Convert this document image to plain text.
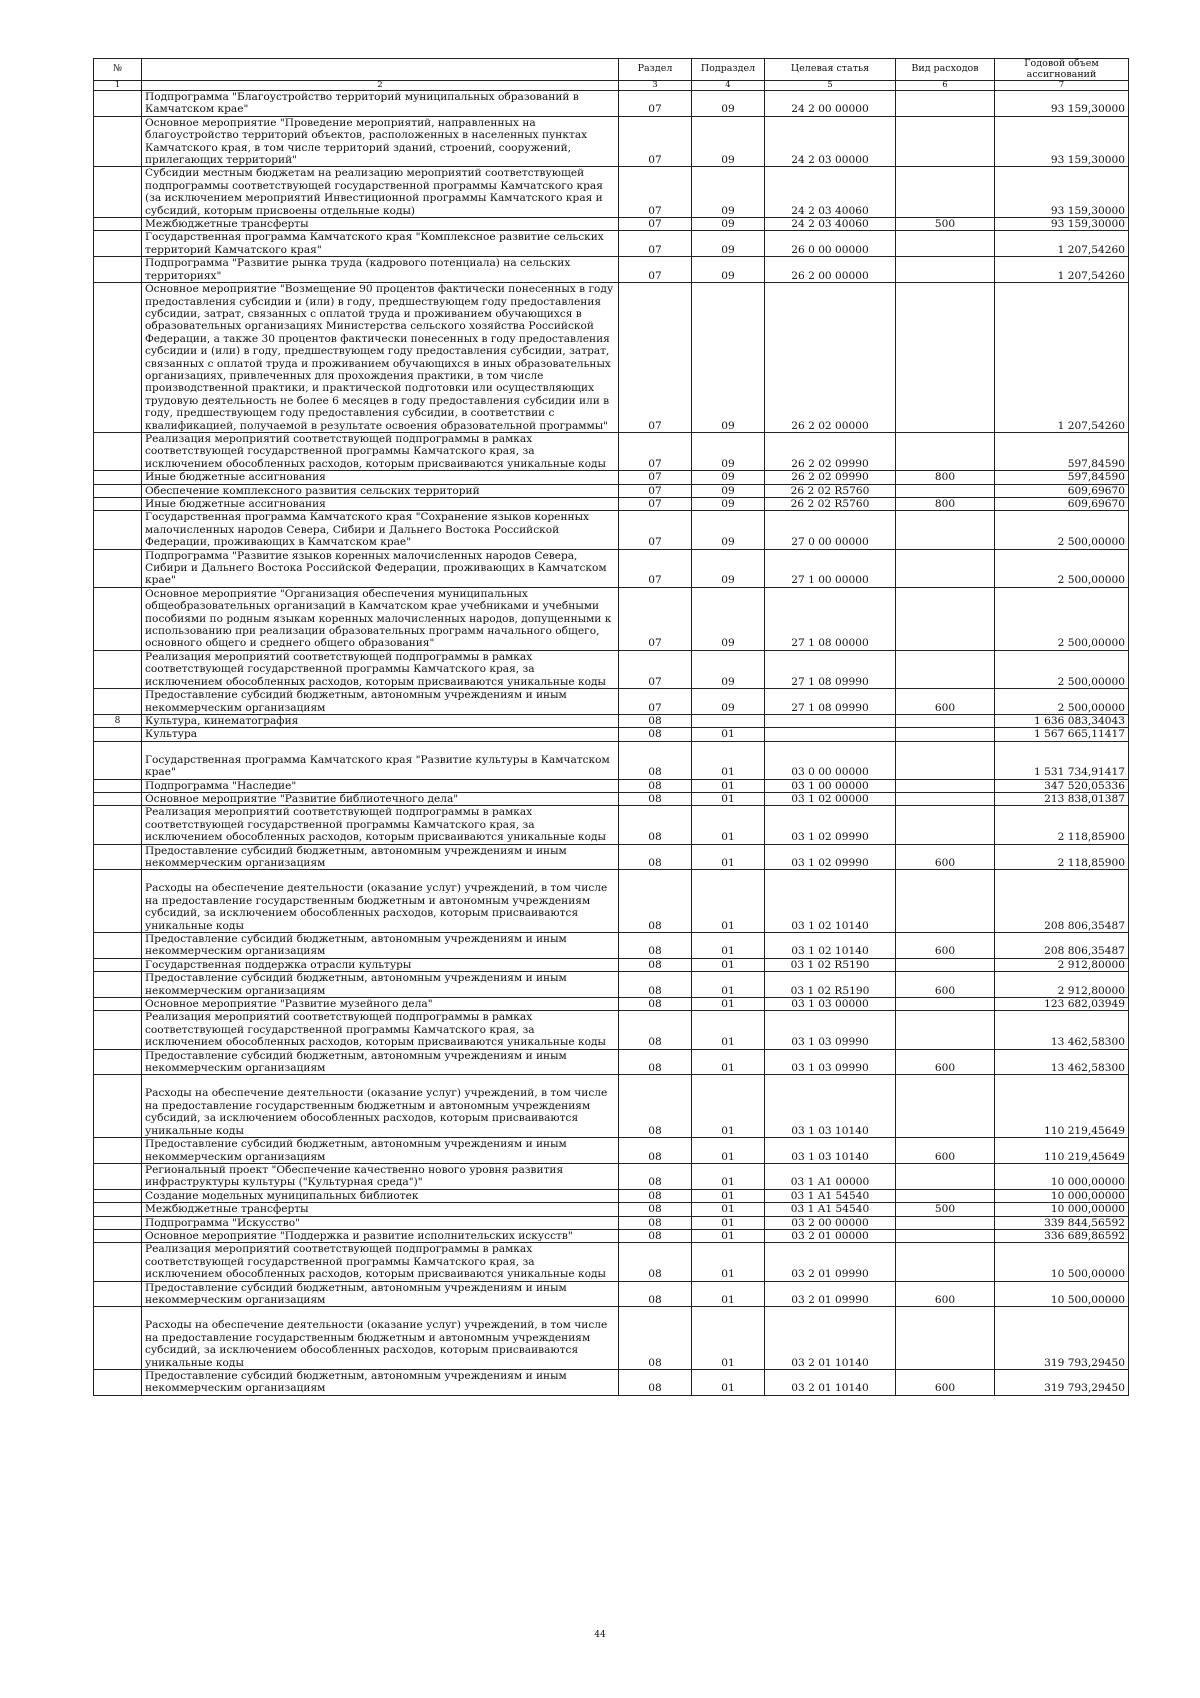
№		Раздел	Подраздел	Целевая статья	Вид расходов	Годовой объем ассигнований
1	2	3	4	5	6	7
	Подпрограмма "Благоустройство территорий муниципальных образований в Камчатском крае"	07	09	24 2 00 00000		93 159,30000
	Основное мероприятие "Проведение мероприятий, направленных на благоустройство территорий объектов, расположенных в населенных пунктах Камчатского края, в том числе территорий зданий, строений, сооружений, прилегающих территорий"	07	09	24 2 03 00000		93 159,30000
	Субсидии местным бюджетам на реализацию мероприятий соответствующей подпрограммы соответствующей государственной программы Камчатского края (за исключением мероприятий Инвестиционной программы Камчатского края и субсидий, которым присвоены отдельные коды)	07	09	24 2 03 40060		93 159,30000
	Межбюджетные трансферты	07	09	24 2 03 40060	500	93 159,30000
	Государственная программа Камчатского края "Комплексное развитие сельских территорий Камчатского края"	07	09	26 0 00 00000		1 207,54260
	Подпрограмма "Развитие рынка труда (кадрового потенциала) на сельских территориях"	07	09	26 2 00 00000		1 207,54260
	Основное мероприятие "Возмещение 90 процентов фактически понесенных в году предоставления субсидии и (или) в году, предшествующем году предоставления субсидии, затрат, связанных с оплатой труда и проживанием обучающихся в образовательных организациях Министерства сельского хозяйства Российской Федерации, а также 30 процентов фактически понесенных в году предоставления субсидии и (или) в году, предшествующем году предоставления субсидии, затрат, связанных с оплатой труда и проживанием обучающихся в иных образовательных организациях, привлеченных для прохождения практики, в том числе производственной практики, и практической подготовки или осуществляющих трудовую деятельность не более 6 месяцев в году предоставления субсидии или в году, предшествующем году предоставления субсидии, в соответствии с квалификацией, получаемой в результате освоения образовательной программы"	07	09	26 2 02 00000		1 207,54260
	Реализация мероприятий соответствующей подпрограммы в рамках соответствующей государственной программы Камчатского края, за исключением обособленных расходов, которым присваиваются уникальные коды	07	09	26 2 02 09990		597,84590
	Иные бюджетные ассигнования	07	09	26 2 02 09990	800	597,84590
	Обеспечение комплексного развития сельских территорий	07	09	26 2 02 R5760		609,69670
	Иные бюджетные ассигнования	07	09	26 2 02 R5760	800	609,69670
	Государственная программа Камчатского края "Сохранение языков коренных малочисленных народов Севера, Сибири и Дальнего Востока Российской Федерации, проживающих в Камчатском крае"	07	09	27 0 00 00000		2 500,00000
	Подпрограмма "Развитие языков коренных малочисленных народов Севера, Сибири и Дальнего Востока Российской Федерации, проживающих в Камчатском крае"	07	09	27 1 00 00000		2 500,00000
	Основное мероприятие "Организация обеспечения муниципальных общеобразовательных организаций в Камчатском крае учебниками и учебными пособиями по родным языкам коренных малочисленных народов, допущенными к использованию при реализации образовательных программ начального общего, основного общего и среднего общего образования"	07	09	27 1 08 00000		2 500,00000
	Реализация мероприятий соответствующей подпрограммы в рамках соответствующей государственной программы Камчатского края, за исключением обособленных расходов, которым присваиваются уникальные коды	07	09	27 1 08 09990		2 500,00000
	Предоставление субсидий бюджетным, автономным учреждениям и иным некоммерческим организациям	07	09	27 1 08 09990	600	2 500,00000
8	Культура, кинематография	08				1 636 083,34043
	Культура	08	01			1 567 665,11417
	Государственная программа Камчатского края "Развитие культуры в Камчатском крае"	08	01	03 0 00 00000		1 531 734,91417
	Подпрограмма "Наследие"	08	01	03 1 00 00000		347 520,05336
	Основное мероприятие "Развитие библиотечного дела"	08	01	03 1 02 00000		213 838,01387
	Реализация мероприятий соответствующей подпрограммы в рамках соответствующей государственной программы Камчатского края, за исключением обособленных расходов, которым присваиваются уникальные коды	08	01	03 1 02 09990		2 118,85900
	Предоставление субсидий бюджетным, автономным учреждениям и иным некоммерческим организациям	08	01	03 1 02 09990	600	2 118,85900
	Расходы на обеспечение деятельности (оказание услуг) учреждений, в том числе на предоставление государственным бюджетным и автономным учреждениям субсидий, за исключением обособленных расходов, которым присваиваются уникальные коды	08	01	03 1 02 10140		208 806,35487
	Предоставление субсидий бюджетным, автономным учреждениям и иным некоммерческим организациям	08	01	03 1 02 10140	600	208 806,35487
	Государственная поддержка отрасли культуры	08	01	03 1 02 R5190		2 912,80000
	Предоставление субсидий бюджетным, автономным учреждениям и иным некоммерческим организациям	08	01	03 1 02 R5190	600	2 912,80000
	Основное мероприятие "Развитие музейного дела"	08	01	03 1 03 00000		123 682,03949
	Реализация мероприятий соответствующей подпрограммы в рамках соответствующей государственной программы Камчатского края, за исключением обособленных расходов, которым присваиваются уникальные коды	08	01	03 1 03 09990		13 462,58300
	Предоставление субсидий бюджетным, автономным учреждениям и иным некоммерческим организациям	08	01	03 1 03 09990	600	13 462,58300
	Расходы на обеспечение деятельности (оказание услуг) учреждений, в том числе на предоставление государственным бюджетным и автономным учреждениям субсидий, за исключением обособленных расходов, которым присваиваются уникальные коды	08	01	03 1 03 10140		110 219,45649
	Предоставление субсидий бюджетным, автономным учреждениям и иным некоммерческим организациям	08	01	03 1 03 10140	600	110 219,45649
	Региональный проект "Обеспечение качественно нового уровня развития инфраструктуры культуры ("Культурная среда")"	08	01	03 1 A1 00000		10 000,00000
	Создание модельных муниципальных библиотек	08	01	03 1 A1 54540		10 000,00000
	Межбюджетные трансферты	08	01	03 1 A1 54540	500	10 000,00000
	Подпрограмма "Искусство"	08	01	03 2 00 00000		339 844,56592
	Основное мероприятие "Поддержка и развитие исполнительских искусств"	08	01	03 2 01 00000		336 689,86592
	Реализация мероприятий соответствующей подпрограммы в рамках соответствующей государственной программы Камчатского края, за исключением обособленных расходов, которым присваиваются уникальные коды	08	01	03 2 01 09990		10 500,00000
	Предоставление субсидий бюджетным, автономным учреждениям и иным некоммерческим организациям	08	01	03 2 01 09990	600	10 500,00000
	Расходы на обеспечение деятельности (оказание услуг) учреждений, в том числе на предоставление государственным бюджетным и автономным учреждениям субсидий, за исключением обособленных расходов, которым присваиваются уникальные коды	08	01	03 2 01 10140		319 793,29450
	Предоставление субсидий бюджетным, автономным учреждениям и иным некоммерческим организациям	08	01	03 2 01 10140	600	319 793,29450
44
